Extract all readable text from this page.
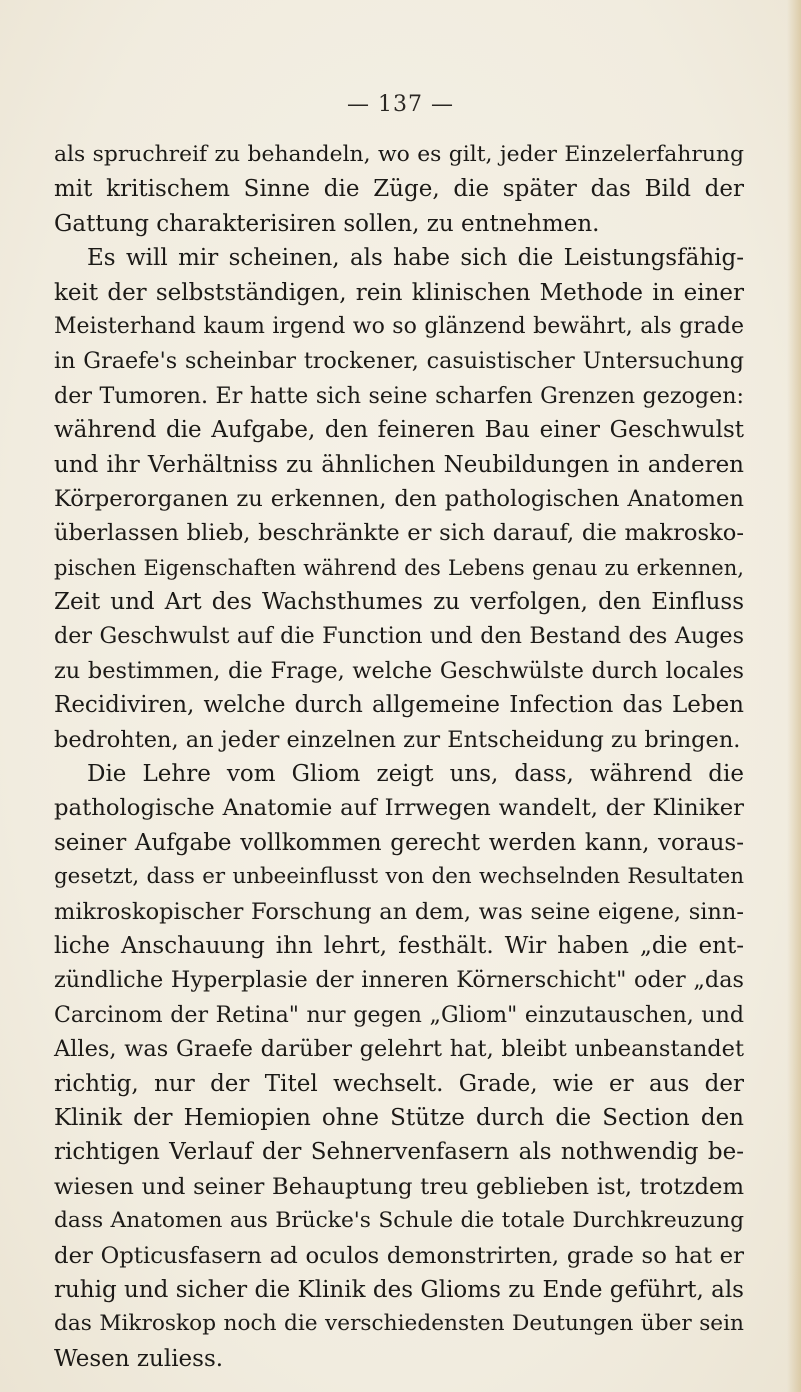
— 137 —
als spruchreif zu behandeln, wo es gilt, jeder Einzelerfahrung
mit kritischem Sinne die Züge, die später das Bild der
Gattung charakterisiren sollen, zu entnehmen.
Es will mir scheinen, als habe sich die Leistungsfähig-
keit der selbstständigen, rein klinischen Methode in einer
Meisterhand kaum irgend wo so glänzend bewährt, als grade
in Graefe's scheinbar trockener, casuistischer Untersuchung
der Tumoren. Er hatte sich seine scharfen Grenzen gezogen:
während die Aufgabe, den feineren Bau einer Geschwulst
und ihr Verhältniss zu ähnlichen Neubildungen in anderen
Körperorganen zu erkennen, den pathologischen Anatomen
überlassen blieb, beschränkte er sich darauf, die makrosko-
pischen Eigenschaften während des Lebens genau zu erkennen,
Zeit und Art des Wachsthumes zu verfolgen, den Einfluss
der Geschwulst auf die Function und den Bestand des Auges
zu bestimmen, die Frage, welche Geschwülste durch locales
Recidiviren, welche durch allgemeine Infection das Leben
bedrohten, an jeder einzelnen zur Entscheidung zu bringen.
Die Lehre vom Gliom zeigt uns, dass, während die
pathologische Anatomie auf Irrwegen wandelt, der Kliniker
seiner Aufgabe vollkommen gerecht werden kann, voraus-
gesetzt, dass er unbeeinflusst von den wechselnden Resultaten
mikroskopischer Forschung an dem, was seine eigene, sinn-
liche Anschauung ihn lehrt, festhält. Wir haben „die ent-
zündliche Hyperplasie der inneren Körnerschicht" oder „das
Carcinom der Retina" nur gegen „Gliom" einzutauschen, und
Alles, was Graefe darüber gelehrt hat, bleibt unbeanstandet
richtig, nur der Titel wechselt. Grade, wie er aus der
Klinik der Hemiopien ohne Stütze durch die Section den
richtigen Verlauf der Sehnervenfasern als nothwendig be-
wiesen und seiner Behauptung treu geblieben ist, trotzdem
dass Anatomen aus Brücke's Schule die totale Durchkreuzung
der Opticusfasern ad oculos demonstrirten, grade so hat er
ruhig und sicher die Klinik des Glioms zu Ende geführt, als
das Mikroskop noch die verschiedensten Deutungen über sein
Wesen zuliess.
